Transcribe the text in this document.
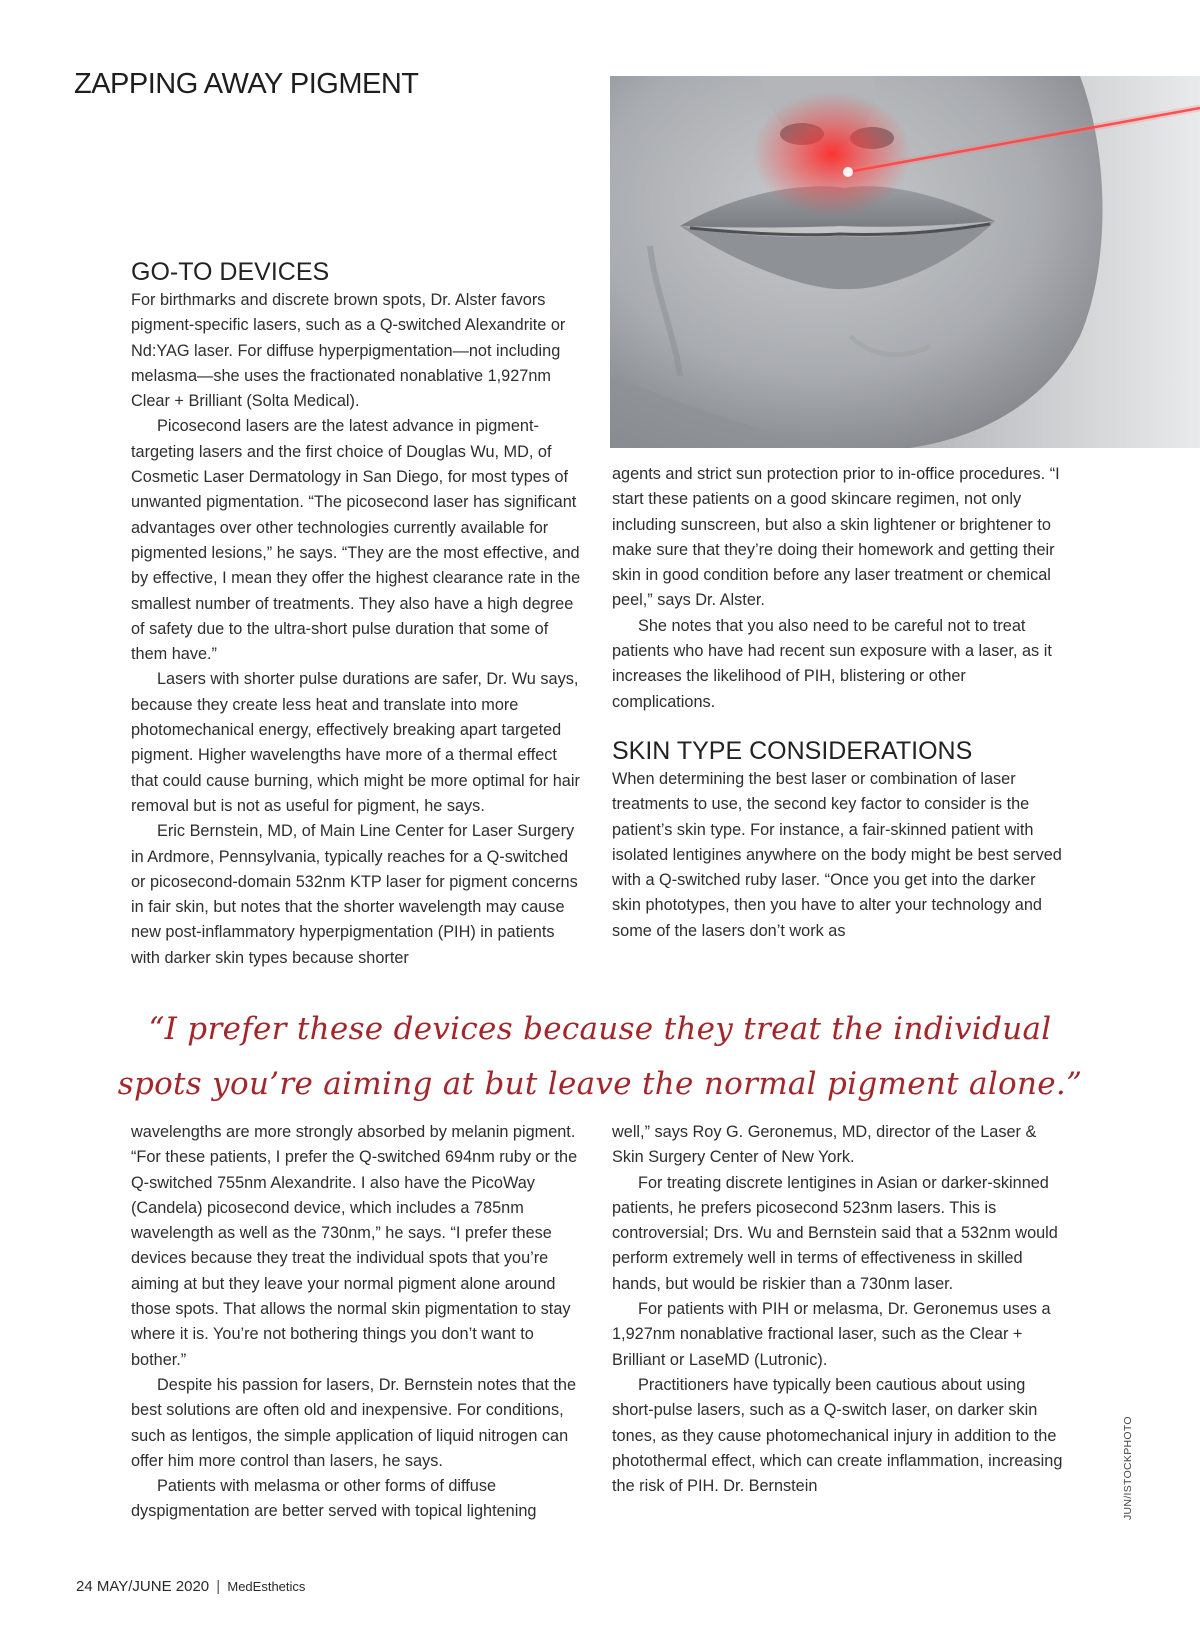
ZAPPING AWAY PIGMENT
GO-TO DEVICES

For birthmarks and discrete brown spots, Dr. Alster favors pigment-specific lasers, such as a Q-switched Alexandrite or Nd:YAG laser. For diffuse hyperpigmentation—not including melasma—she uses the fractionated nonablative 1,927nm Clear + Brilliant (Solta Medical).

Picosecond lasers are the latest advance in pigment-targeting lasers and the first choice of Douglas Wu, MD, of Cosmetic Laser Dermatology in San Diego, for most types of unwanted pigmentation. “The picosecond laser has significant advantages over other technologies currently available for pigmented lesions,” he says. “They are the most effective, and by effective, I mean they offer the highest clearance rate in the smallest number of treatments. They also have a high degree of safety due to the ultra-short pulse duration that some of them have.”

Lasers with shorter pulse durations are safer, Dr. Wu says, because they create less heat and translate into more photomechanical energy, effectively breaking apart targeted pigment. Higher wavelengths have more of a thermal effect that could cause burning, which might be more optimal for hair removal but is not as useful for pigment, he says.

Eric Bernstein, MD, of Main Line Center for Laser Surgery in Ardmore, Pennsylvania, typically reaches for a Q-switched or picosecond-domain 532nm KTP laser for pigment concerns in fair skin, but notes that the shorter wavelength may cause new post-inflammatory hyperpigmentation (PIH) in patients with darker skin types because shorter

agents and strict sun protection prior to in-office procedures. “I start these patients on a good skincare regimen, not only including sunscreen, but also a skin lightener or brightener to make sure that they’re doing their homework and getting their skin in good condition before any laser treatment or chemical peel,” says Dr. Alster.

She notes that you also need to be careful not to treat patients who have had recent sun exposure with a laser, as it increases the likelihood of PIH, blistering or other complications.

SKIN TYPE CONSIDERATIONS

When determining the best laser or combination of laser treatments to use, the second key factor to consider is the patient’s skin type. For instance, a fair-skinned patient with isolated lentigines anywhere on the body might be best served with a Q-switched ruby laser. “Once you get into the darker skin phototypes, then you have to alter your technology and some of the lasers don’t work as

“I prefer these devices because they treat the individual
spots you’re aiming at but leave the normal pigment alone.”

wavelengths are more strongly absorbed by melanin pigment. “For these patients, I prefer the Q-switched 694nm ruby or the Q-switched 755nm Alexandrite. I also have the PicoWay (Candela) picosecond device, which includes a 785nm wavelength as well as the 730nm,” he says. “I prefer these devices because they treat the individual spots that you’re aiming at but they leave your normal pigment alone around those spots. That allows the normal skin pigmentation to stay where it is. You’re not bothering things you don’t want to bother.”

Despite his passion for lasers, Dr. Bernstein notes that the best solutions are often old and inexpensive. For conditions, such as lentigos, the simple application of liquid nitrogen can offer him more control than lasers, he says.

Patients with melasma or other forms of diffuse dyspigmentation are better served with topical lightening

well,” says Roy G. Geronemus, MD, director of the Laser & Skin Surgery Center of New York.

For treating discrete lentigines in Asian or darker-skinned patients, he prefers picosecond 523nm lasers. This is controversial; Drs. Wu and Bernstein said that a 532nm would perform extremely well in terms of effectiveness in skilled hands, but would be riskier than a 730nm laser.

For patients with PIH or melasma, Dr. Geronemus uses a 1,927nm nonablative fractional laser, such as the Clear + Brilliant or LaseMD (Lutronic).

Practitioners have typically been cautious about using short-pulse lasers, such as a Q-switch laser, on darker skin tones, as they cause photomechanical injury in addition to the photothermal effect, which can create inflammation, increasing the risk of PIH. Dr. Bernstein	JUN/ISTOCKPHOTO
24 MAY/JUNE 2020 | MedEsthetics
